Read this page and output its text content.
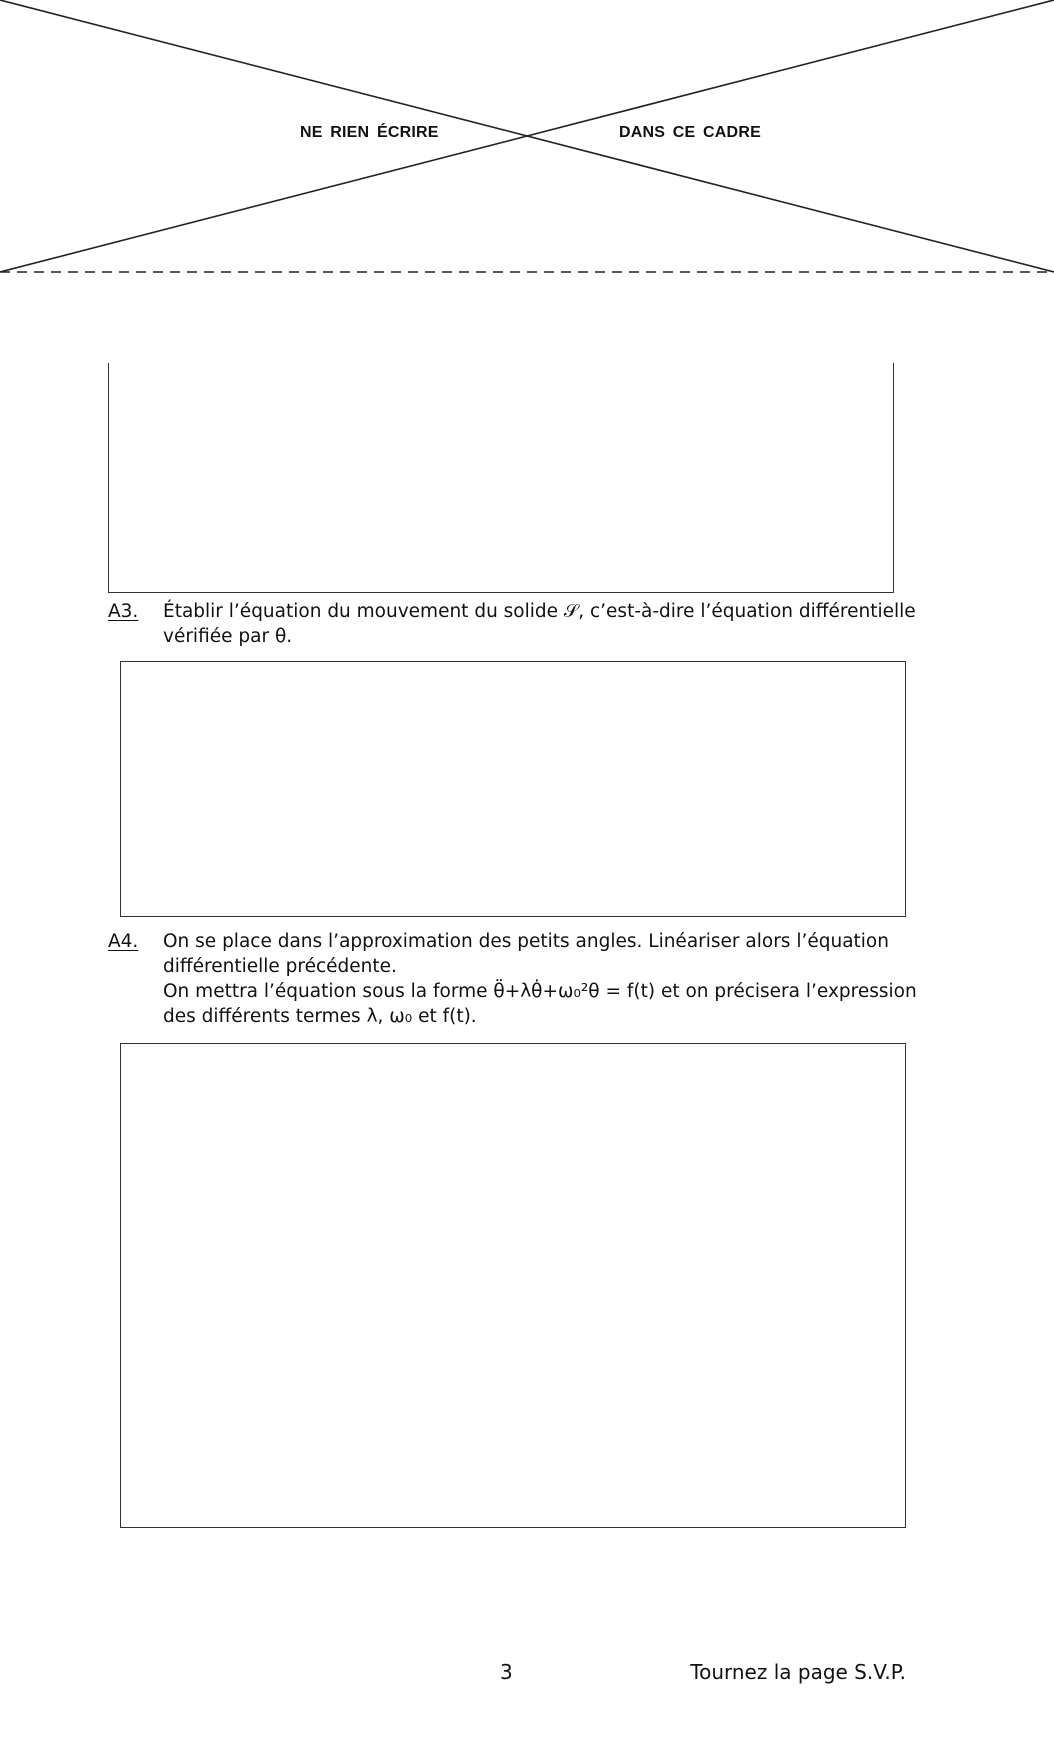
NE RIEN ÉCRIRE	DANS CE CADRE
A3. Établir l’équation du mouvement du solide 𝒮, c’est-à-dire l’équation différentielle
vérifiée par θ.
A4. On se place dans l’approximation des petits angles. Linéariser alors l’équation
différentielle précédente.
On mettra l’équation sous la forme θ̈+λθ̇+ω₀²θ = f(t) et on précisera l’expression
des différents termes λ, ω₀ et f(t).
3	Tournez la page S.V.P.
